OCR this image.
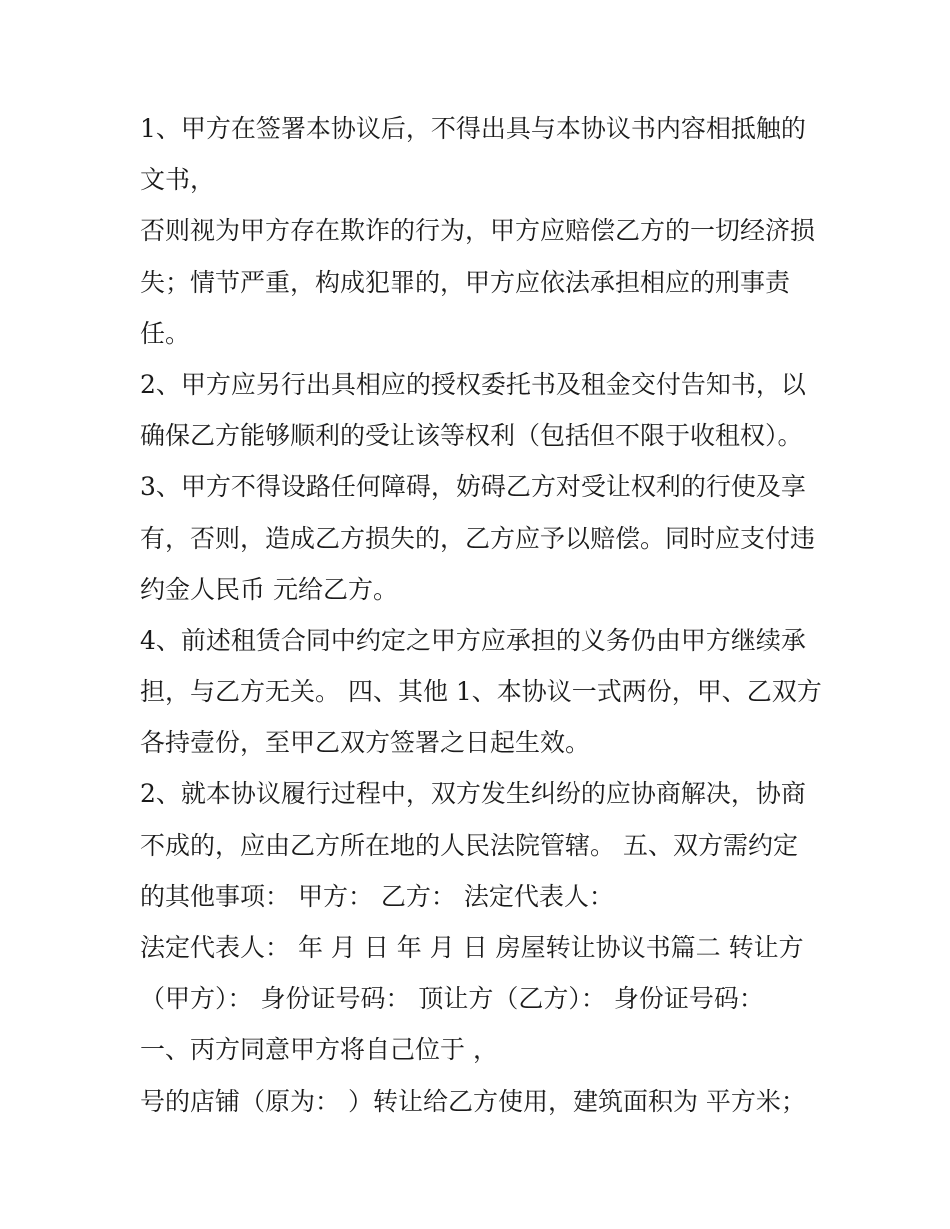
1、甲方在签署本协议后，不得出具与本协议书内容相抵触的
文书，
否则视为甲方存在欺诈的行为，甲方应赔偿乙方的一切经济损
失；情节严重，构成犯罪的，甲方应依法承担相应的刑事责
任。
2、甲方应另行出具相应的授权委托书及租金交付告知书，以
确保乙方能够顺利的受让该等权利（包括但不限于收租权）。
3、甲方不得设路任何障碍，妨碍乙方对受让权利的行使及享
有，否则，造成乙方损失的，乙方应予以赔偿。同时应支付违
约金人民币 元给乙方。
4、前述租赁合同中约定之甲方应承担的义务仍由甲方继续承
担，与乙方无关。 四、其他 1、本协议一式两份，甲、乙双方
各持壹份，至甲乙双方签署之日起生效。
2、就本协议履行过程中，双方发生纠纷的应协商解决，协商
不成的，应由乙方所在地的人民法院管辖。 五、双方需约定
的其他事项： 甲方： 乙方： 法定代表人：
法定代表人： 年 月 日 年 月 日 房屋转让协议书篇二 转让方
（甲方）： 身份证号码： 顶让方（乙方）： 身份证号码：
一、丙方同意甲方将自己位于 ，
号的店铺（原为： ）转让给乙方使用，建筑面积为 平方米；
